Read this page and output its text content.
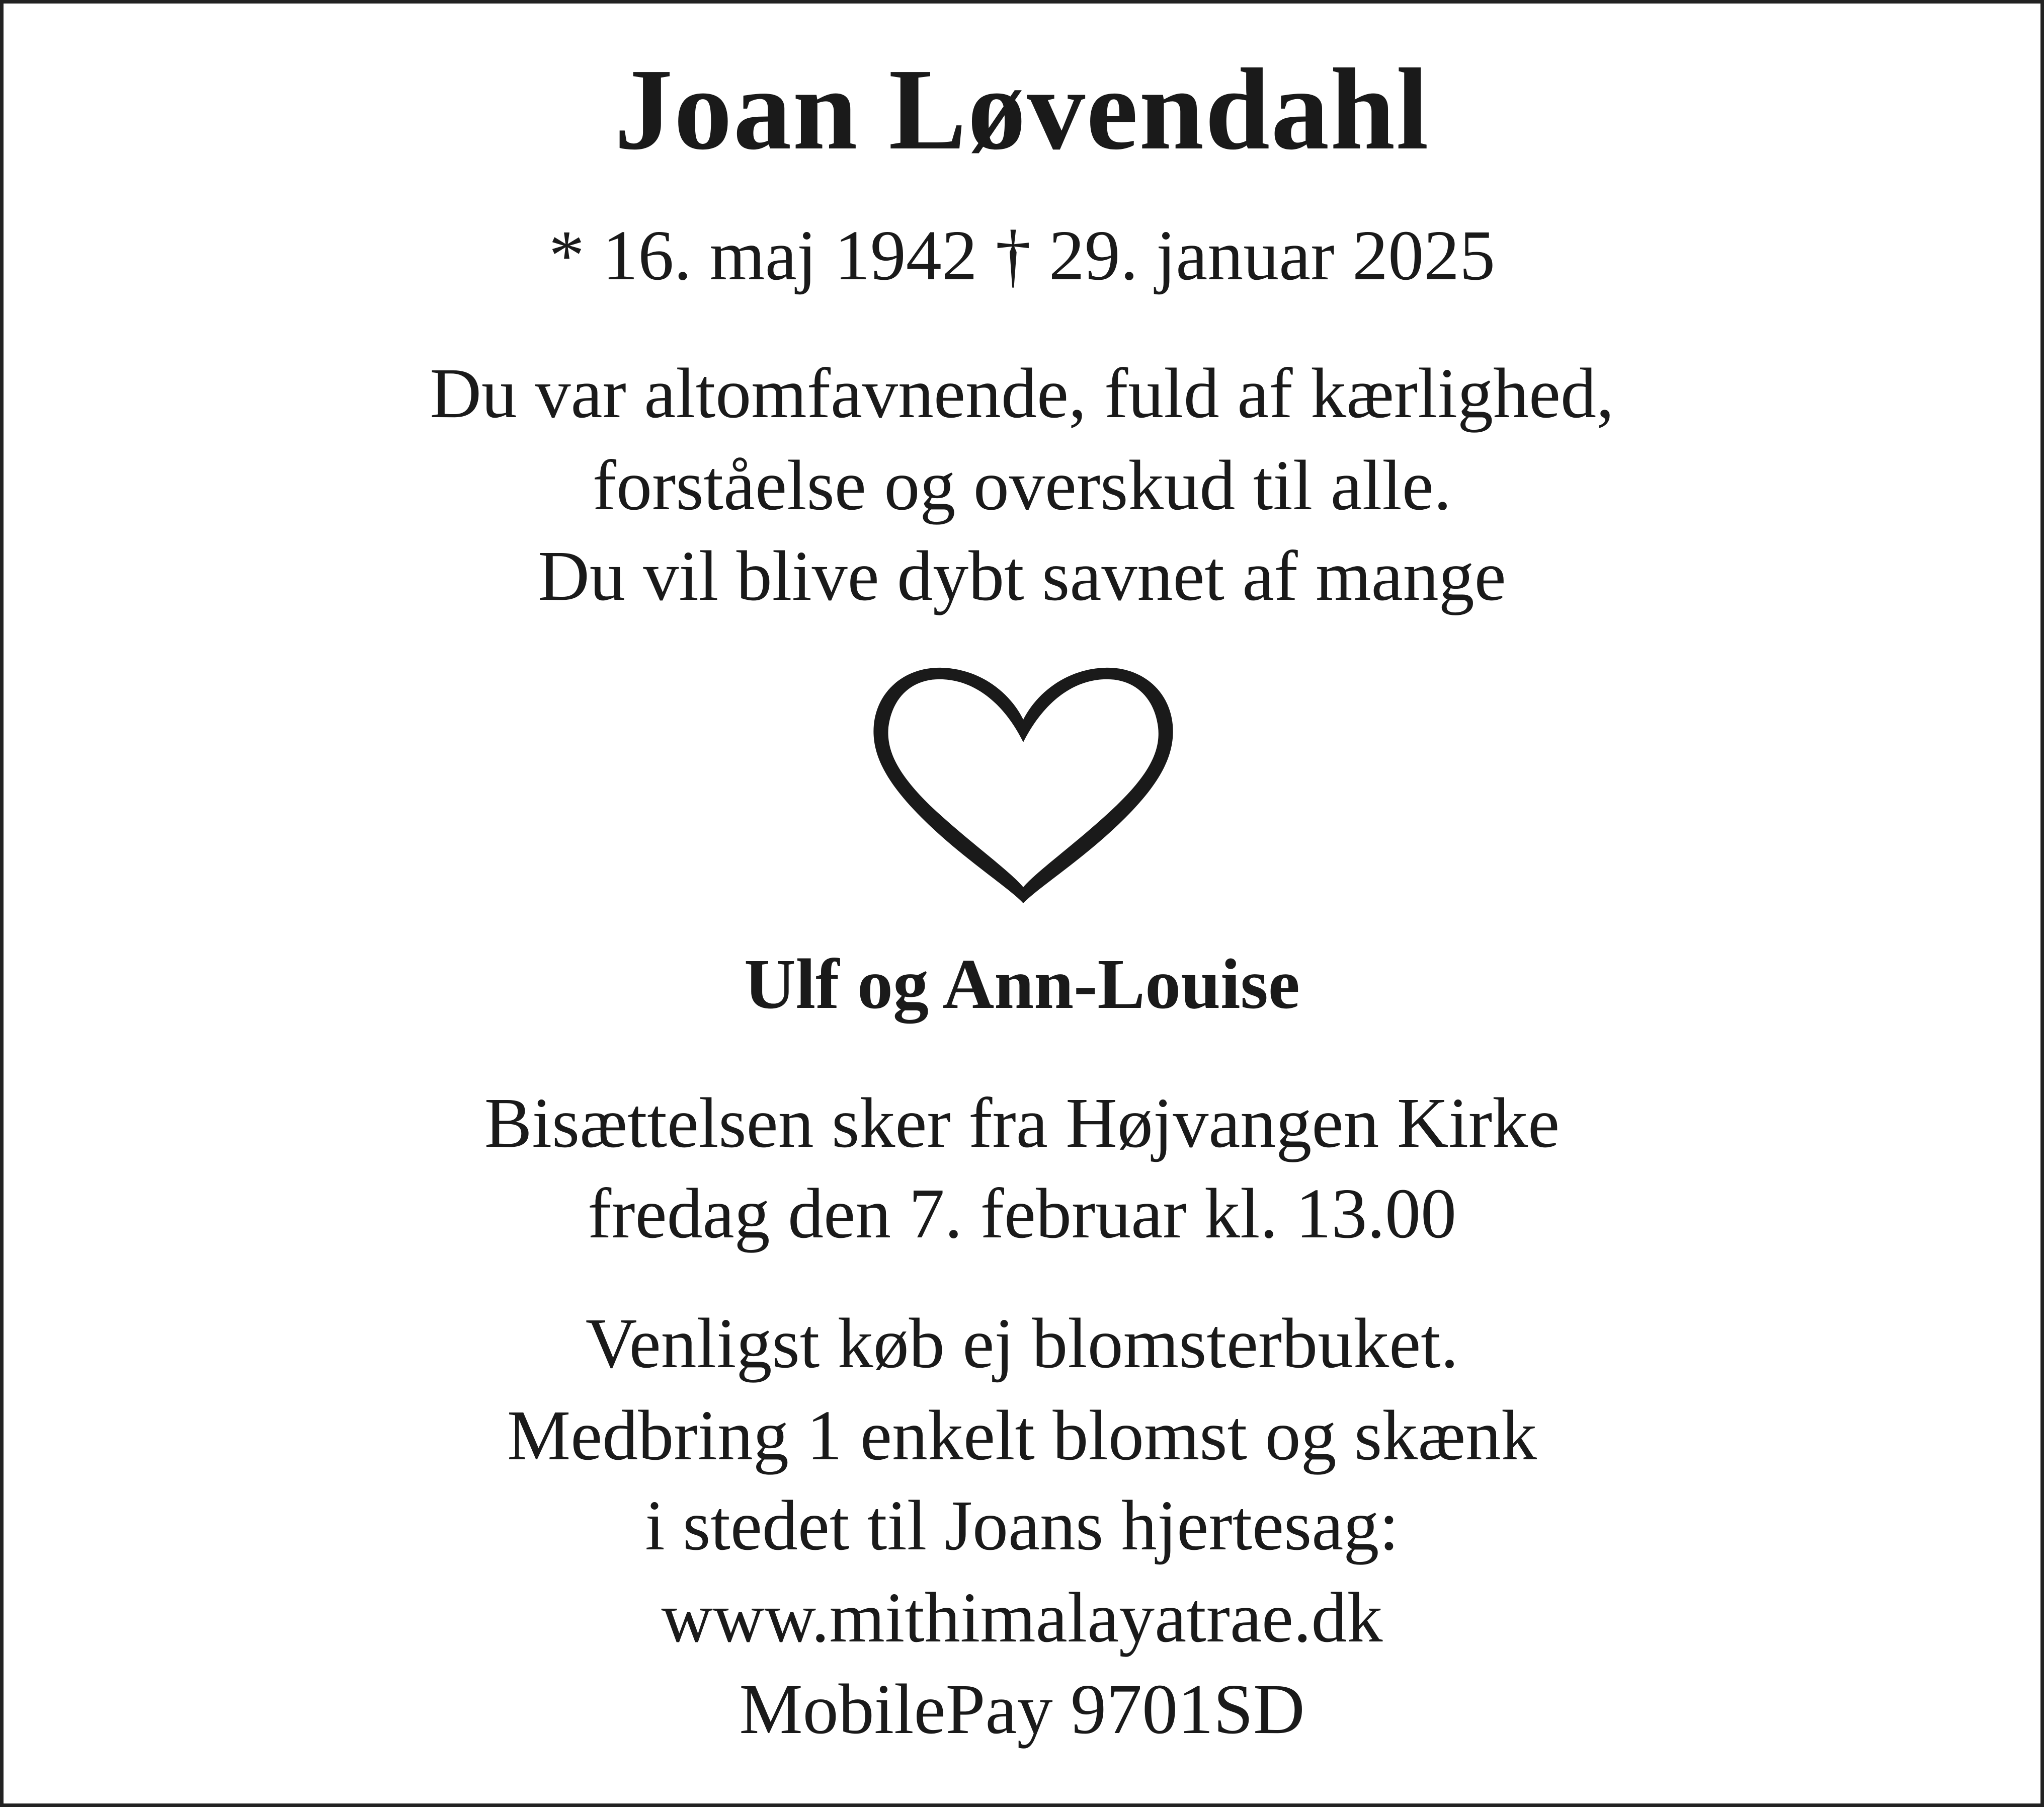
Joan Løvendahl
* 16. maj 1942 † 29. januar 2025
Du var altomfavnende, fuld af kærlighed,
forståelse og overskud til alle.
Du vil blive dybt savnet af mange
Ulf og Ann-Louise
Bisættelsen sker fra Højvangen Kirke
fredag den 7. februar kl. 13.00
Venligst køb ej blomsterbuket.
Medbring 1 enkelt blomst og skænk
i stedet til Joans hjertesag:
www.mithimalayatrae.dk
MobilePay 9701SD
